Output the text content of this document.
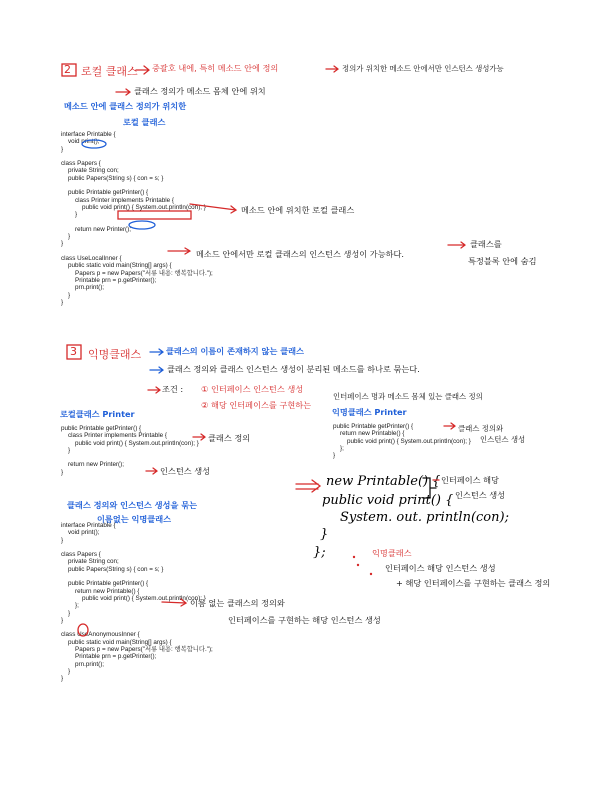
2 로컬 클래스 중괄호 내에, 특히 메소드 안에 정의	정의가 위치한 메소드 안에서만 인스턴스 생성가능
클래스 정의가 메소드 몸체 안에 위치
메소드 안에 클래스 정의가 위치한
로컬 클래스
interface Printable {
void print();
}

class Papers {
private String con;
public Papers(String s) { con = s; }

public Printable getPrinter() {
class Printer implements Printable {
public void print() { System.out.println(con); }
}

return new Printer();
}
}

class UseLocalInner {
public static void main(String[] args) {
Papers p = new Papers("서류 내용: 행복합니다.");
Printable prn = p.getPrinter();
prn.print();
}
}
메소드 안에 위치한 로컬 클래스
메소드 안에서만 로컬 클래스의 인스턴스 생성이 가능하다.
클래스를
특정블록 안에 숨김
3 익명클래스	클래스의 이름이 존재하지 않는 클래스
클래스 정의와 클래스 인스턴스 생성이 분리된 메소드를 하나로 묶는다.
조건 : ① 인터페이스 인스턴스 생성
② 해당 인터페이스를 구현하는
인터페이스 명과 메소드 몸체 있는 클래스 정의
로컬클래스 Printer	익명클래스 Printer
public Printable getPrinter() {
class Printer implements Printable {
public void print() { System.out.println(con); }
}

return new Printer();
}
클래스 정의
인스턴스 생성
public Printable getPrinter() {
return new Printable() {
public void print() { System.out.println(con); }
};
}
클래스 정의와
인스턴스 생성
new Printable() {
public void print() {
System. out. println(con);
}
};
인터페이스 해당
인스턴스 생성
익명클래스
인터페이스 해당 인스턴스 생성
+ 해당 인터페이스를 구현하는 클래스 정의
클래스 정의와 인스턴스 생성을 묶는
이름없는 익명클래스
interface Printable {
void print();
}

class Papers {
private String con;
public Papers(String s) { con = s; }

public Printable getPrinter() {
return new Printable() {
public void print() { System.out.println(con); }
};
}
}

class UseAnonymousInner {
public static void main(String[] args) {
Papers p = new Papers("서류 내용: 행복합니다.");
Printable prn = p.getPrinter();
prn.print();
}
}
이름 없는 클래스의 정의와
인터페이스를 구현하는 해당 인스턴스 생성
